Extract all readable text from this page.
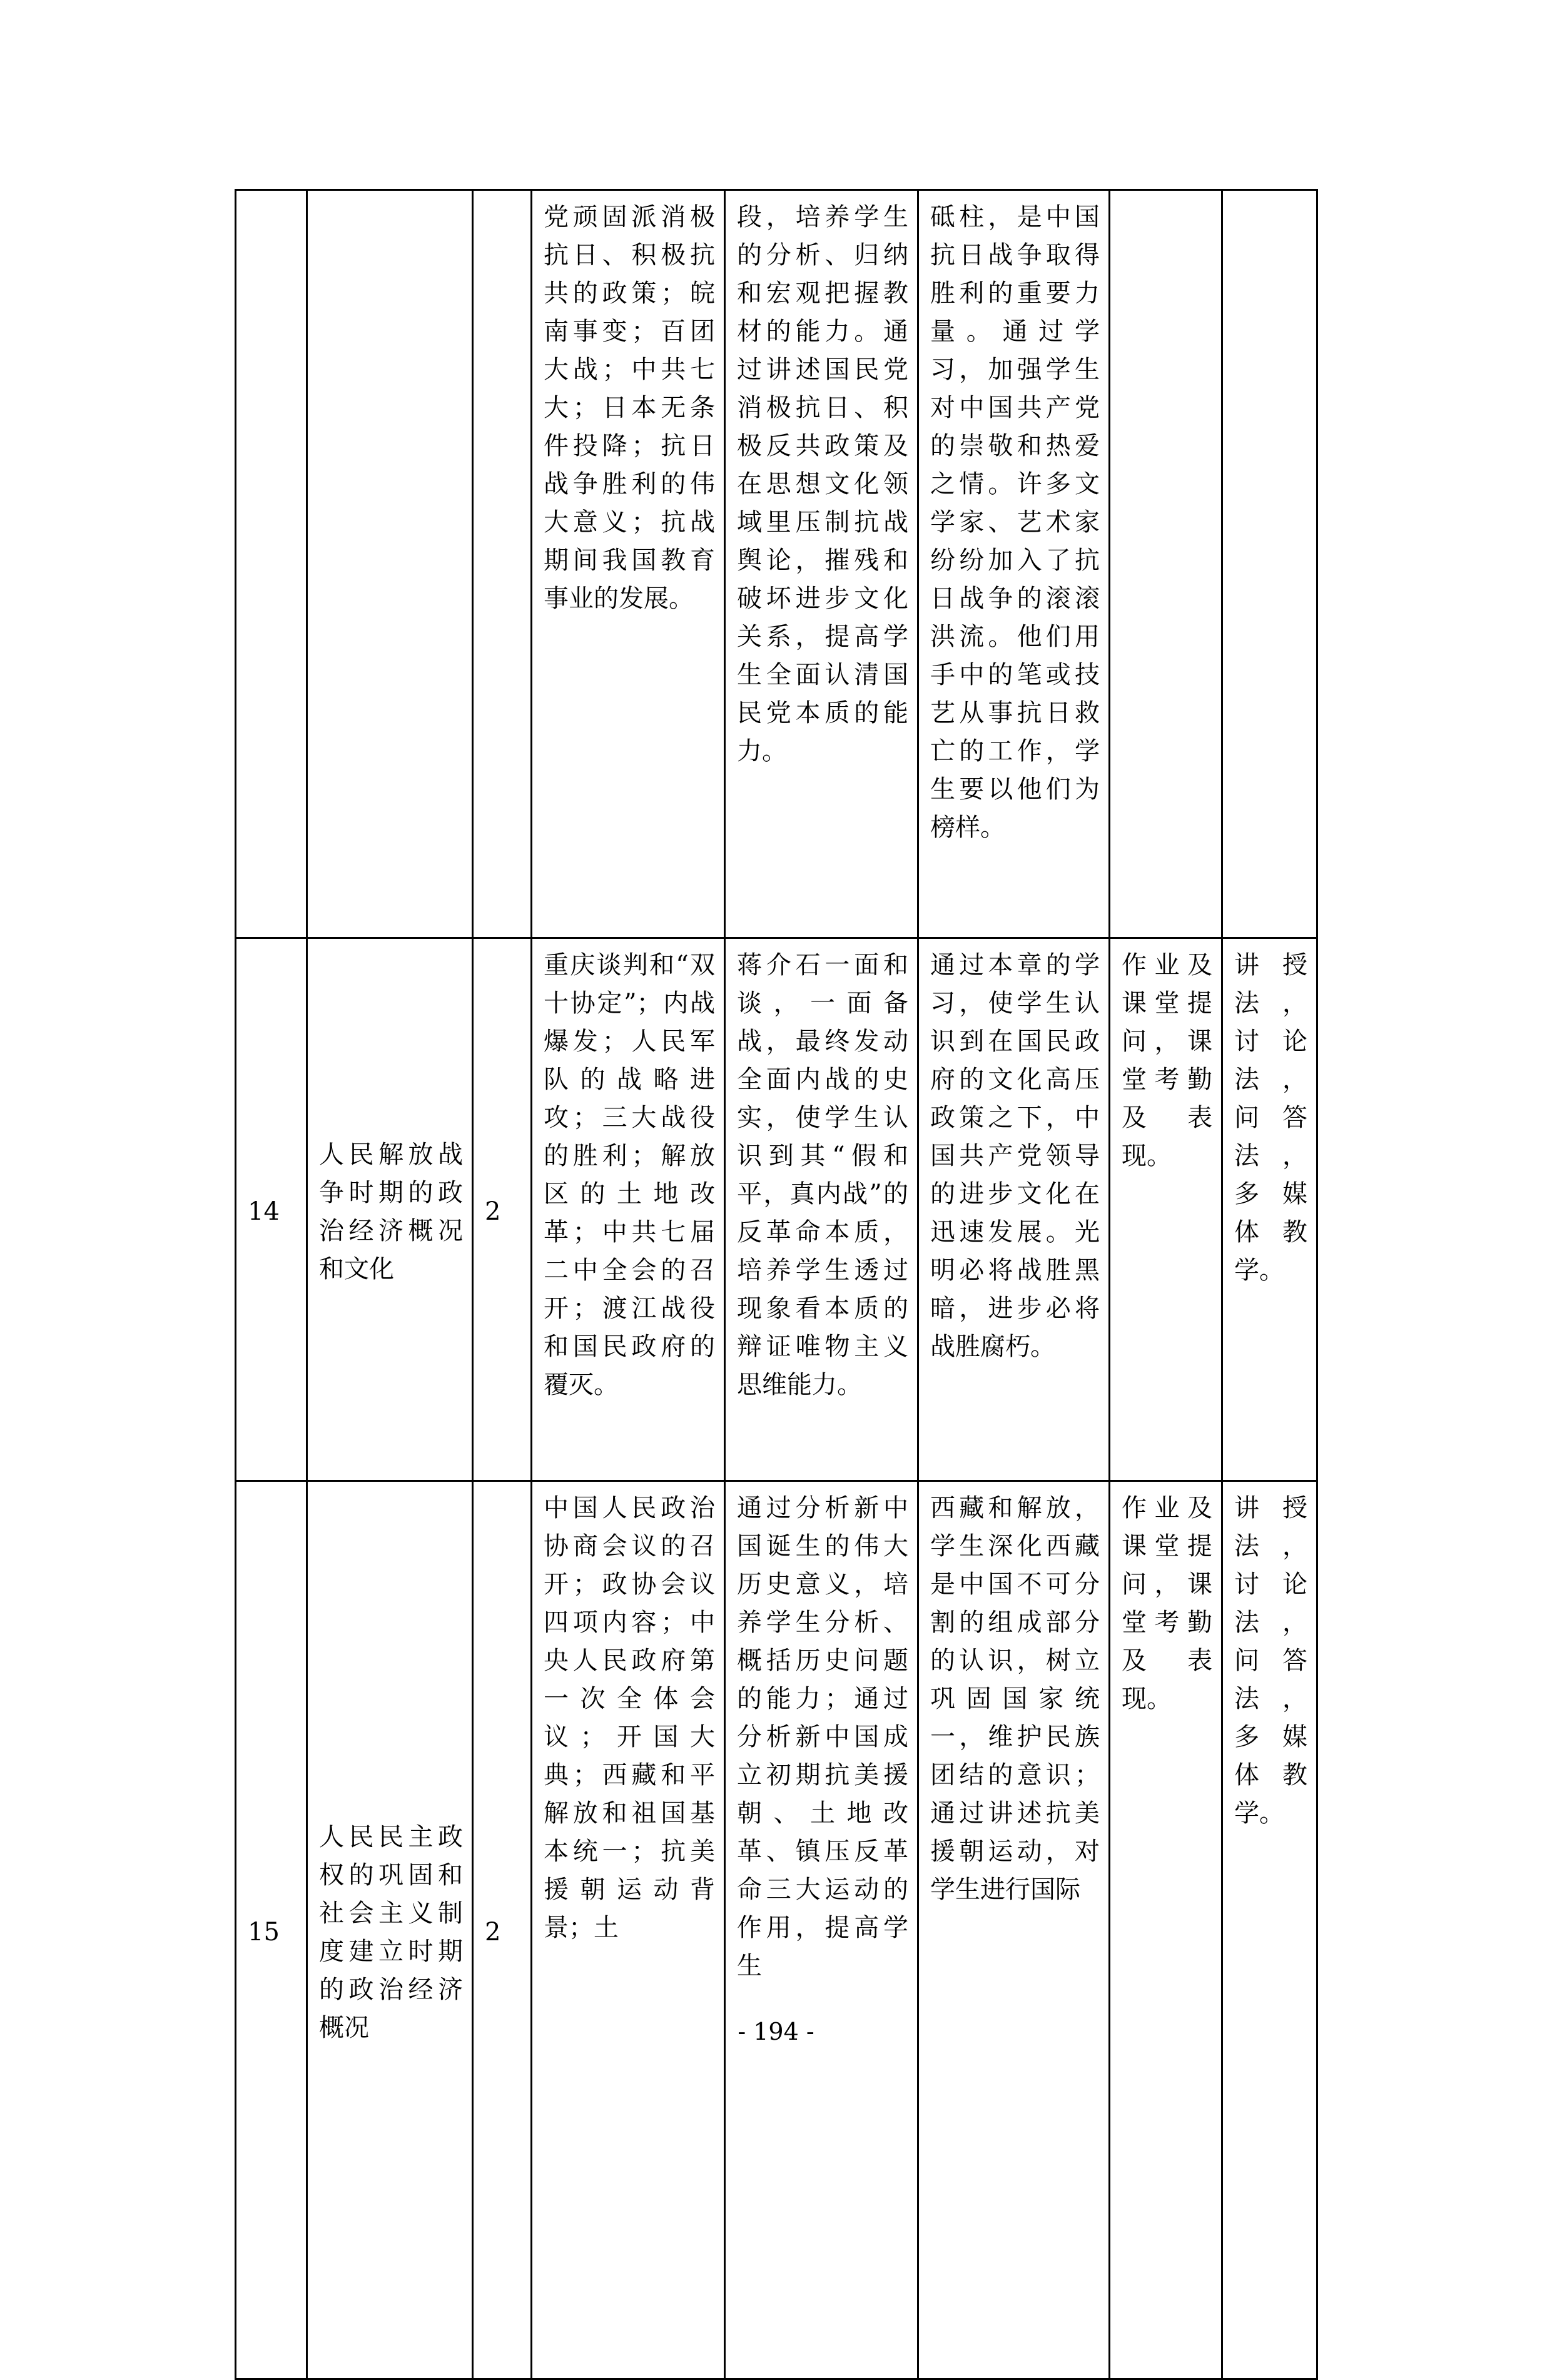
			党顽固派消极抗日、积极抗共的政策；皖南事变；百团大战；中共七大；日本无条件投降；抗日战争胜利的伟大意义；抗战期间我国教育事业的发展。	段，培养学生的分析、归纳和宏观把握教材的能力。通过讲述国民党消极抗日、积极反共政策及在思想文化领域里压制抗战舆论，摧残和破坏进步文化关系，提高学生全面认清国民党本质的能力。	砥柱，是中国抗日战争取得胜利的重要力量。通过学习，加强学生对中国共产党的崇敬和热爱之情。许多文学家、艺术家纷纷加入了抗日战争的滚滚洪流。他们用手中的笔或技艺从事抗日救亡的工作，学生要以他们为榜样。		

14	人民解放战争时期的政治经济概况和文化	2	重庆谈判和“双十协定”；内战爆发；人民军队的战略进攻；三大战役的胜利；解放区的土地改革；中共七届二中全会的召开；渡江战役和国民政府的覆灭。	蒋介石一面和谈，一面备战，最终发动全面内战的史实，使学生认识到其“假和平，真内战”的反革命本质，培养学生透过现象看本质的辩证唯物主义思维能力。	通过本章的学习，使学生认识到在国民政府的文化高压政策之下，中国共产党领导的进步文化在迅速发展。光明必将战胜黑暗，进步必将战胜腐朽。	作业及课堂提问，课堂考勤及表现。	讲授法，讨论法，问答法，多媒体教学。

15	人民民主政权的巩固和社会主义制度建立时期的政治经济概况	2	中国人民政治协商会议的召开；政协会议四项内容；中央人民政府第一次全体会议；开国大典；西藏和平解放和祖国基本统一；抗美援朝运动背景；土	通过分析新中国诞生的伟大历史意义，培养学生分析、概括历史问题的能力；通过分析新中国成立初期抗美援朝、土地改革、镇压反革命三大运动的作用，提高学生	西藏和解放，学生深化西藏是中国不可分割的组成部分的认识，树立巩固国家统一，维护民族团结的意识；通过讲述抗美援朝运动，对学生进行国际	作业及课堂提问，课堂考勤及表现。	讲授法，讨论法，问答法，多媒体教学。
- 194 -
